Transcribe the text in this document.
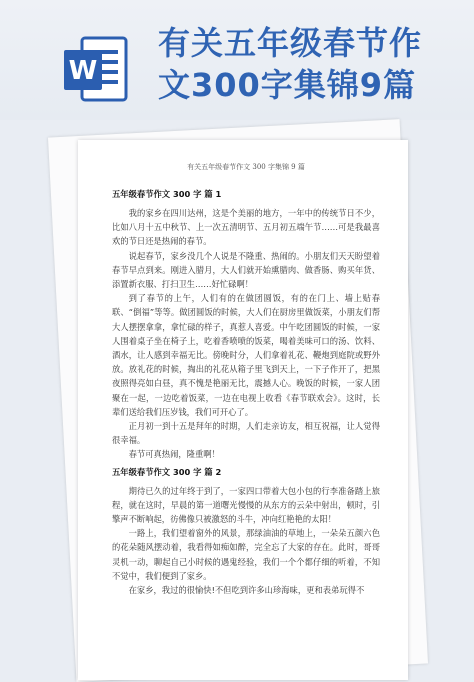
W
有关五年级春节作
文300字集锦9篇

有关五年级春节作文 300 字集锦 9 篇

五年级春节作文 300 字 篇 1

我的家乡在四川达州，这是个美丽的地方，一年中的传统节日不少，比如八月十五中秋节、上一次五清明节、五月初五端午节……可是我最喜欢的节日还是热闹的春节。

说起春节，家乡没几个人说是不隆重、热闹的。小朋友们天天盼望着春节早点到来。刚进入腊月，大人们就开始熏腊肉、做香肠、购买年货、添置新衣服、打扫卫生……好忙碌啊！

到了春节的上午，人们有的在做团圆饭，有的在门上、墙上贴春联、“倒福”等等。做团圆饭的时候，大人们在厨房里做饭菜，小朋友们帮大人摆摆拿拿，拿忙碌的样子，真惹人喜爱。中午吃团圆饭的时候，一家人围着桌子坐在椅子上，吃着香喷喷的饭菜，喝着美味可口的汤、饮料、酒水，让人感到幸福无比。傍晚时分，人们拿着礼花、鞭炮到庭院或野外放。放礼花的时候，掏出的礼花从箱子里飞到天上，一下子作开了，把黑夜照得亮如白昼，真不愧是艳丽无比，震撼人心。晚饭的时候，一家人团聚在一起，一边吃着饭菜，一边在电视上收看《春节联欢会》。这时，长辈们送给我们压岁钱，我们可开心了。

正月初一到十五是拜年的时期，人们走亲访友，相互祝福，让人觉得很幸福。

春节可真热闹，隆重啊！

五年级春节作文 300 字 篇 2

期待已久的过年终于到了，一家四口带着大包小包的行李准备踏上旅程，就在这时，早晨的第一道曙光慢慢的从东方的云朵中射出，顿时，引擎声不断响起，彷佛像只被激怒的斗牛，冲向红艳艳的太阳！

一路上，我们望着窗外的风景，那绿油油的草地上，一朵朵五颜六色的花朵随风摆动着，我看得如痴如醉，完全忘了大家的存在。此时，哥哥灵机一动，聊起自己小时候的遇鬼经验，我们一个个都仔细的听着，不知不觉中，我们便到了家乡。

在家乡，我过的很愉快!不但吃到许多山珍海味，更和表弟玩得不
